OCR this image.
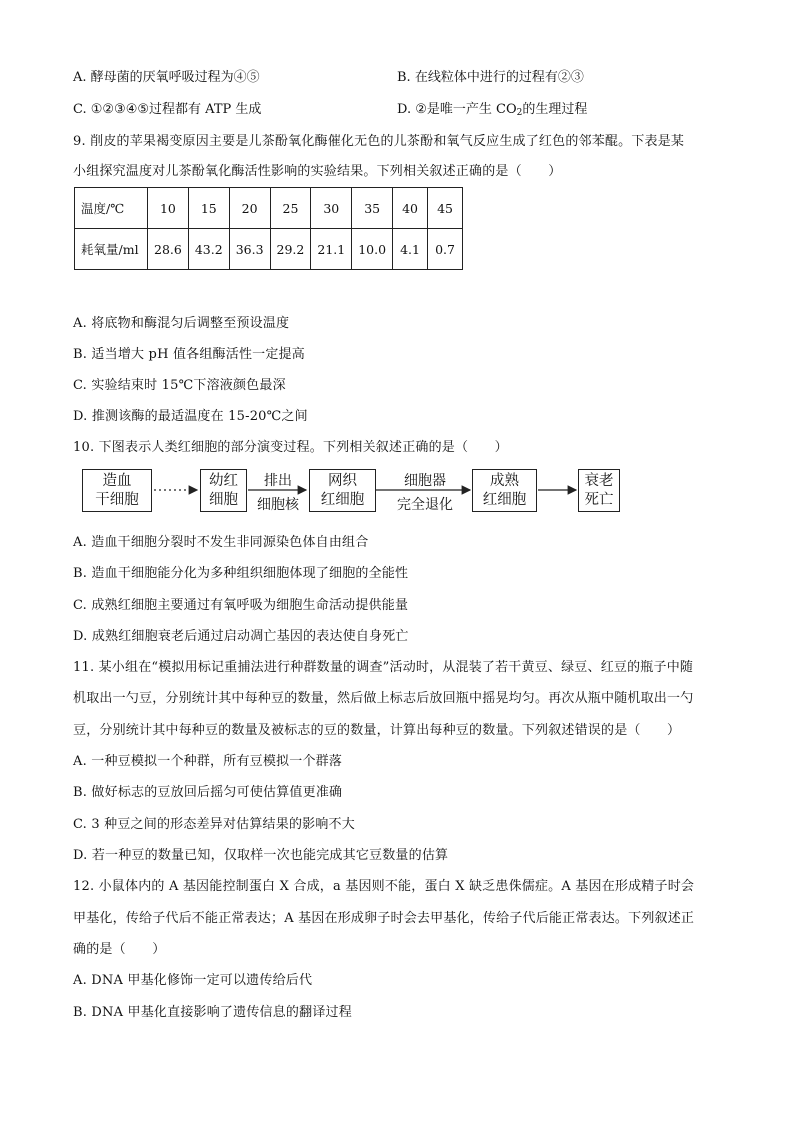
A. 酵母菌的厌氧呼吸过程为④⑤	B. 在线粒体中进行的过程有②③
C. ①②③④⑤过程都有 ATP 生成	D. ②是唯一产生 $CO_2$的生理过程
9. 削皮的苹果褐变原因主要是儿茶酚氧化酶催化无色的儿茶酚和氧气反应生成了红色的邻苯醌。下表是某
小组探究温度对儿茶酚氧化酶活性影响的实验结果。下列相关叙述正确的是（　　）
温度/℃	10	15	20	25	30	35	40	45
耗氧量/ml	28.6	43.2	36.3	29.2	21.1	10.0	4.1	0.7
A. 将底物和酶混匀后调整至预设温度
B. 适当增大 pH 值各组酶活性一定提高
C. 实验结束时 15℃下溶液颜色最深
D. 推测该酶的最适温度在 15-20℃之间
10. 下图表示人类红细胞的部分演变过程。下列相关叙述正确的是（　　）
造血
干细胞
幼红
细胞
排出
细胞核
网织
红细胞
细胞器
完全退化
成熟
红细胞
衰老
死亡
A. 造血干细胞分裂时不发生非同源染色体自由组合
B. 造血干细胞能分化为多种组织细胞体现了细胞的全能性
C. 成熟红细胞主要通过有氧呼吸为细胞生命活动提供能量
D. 成熟红细胞衰老后通过启动凋亡基因的表达使自身死亡
11. 某小组在“模拟用标记重捕法进行种群数量的调查”活动时，从混装了若干黄豆、绿豆、红豆的瓶子中随
机取出一勺豆，分别统计其中每种豆的数量，然后做上标志后放回瓶中摇晃均匀。再次从瓶中随机取出一勺
豆，分别统计其中每种豆的数量及被标志的豆的数量，计算出每种豆的数量。下列叙述错误的是（　　）
A. 一种豆模拟一个种群，所有豆模拟一个群落
B. 做好标志的豆放回后摇匀可使估算值更准确
C. 3 种豆之间的形态差异对估算结果的影响不大
D. 若一种豆的数量已知，仅取样一次也能完成其它豆数量的估算
12. 小鼠体内的 A 基因能控制蛋白 X 合成，a 基因则不能，蛋白 X 缺乏患侏儒症。A 基因在形成精子时会
甲基化，传给子代后不能正常表达；A 基因在形成卵子时会去甲基化，传给子代后能正常表达。下列叙述正
确的是（　　）
A. DNA 甲基化修饰一定可以遗传给后代
B. DNA 甲基化直接影响了遗传信息的翻译过程
